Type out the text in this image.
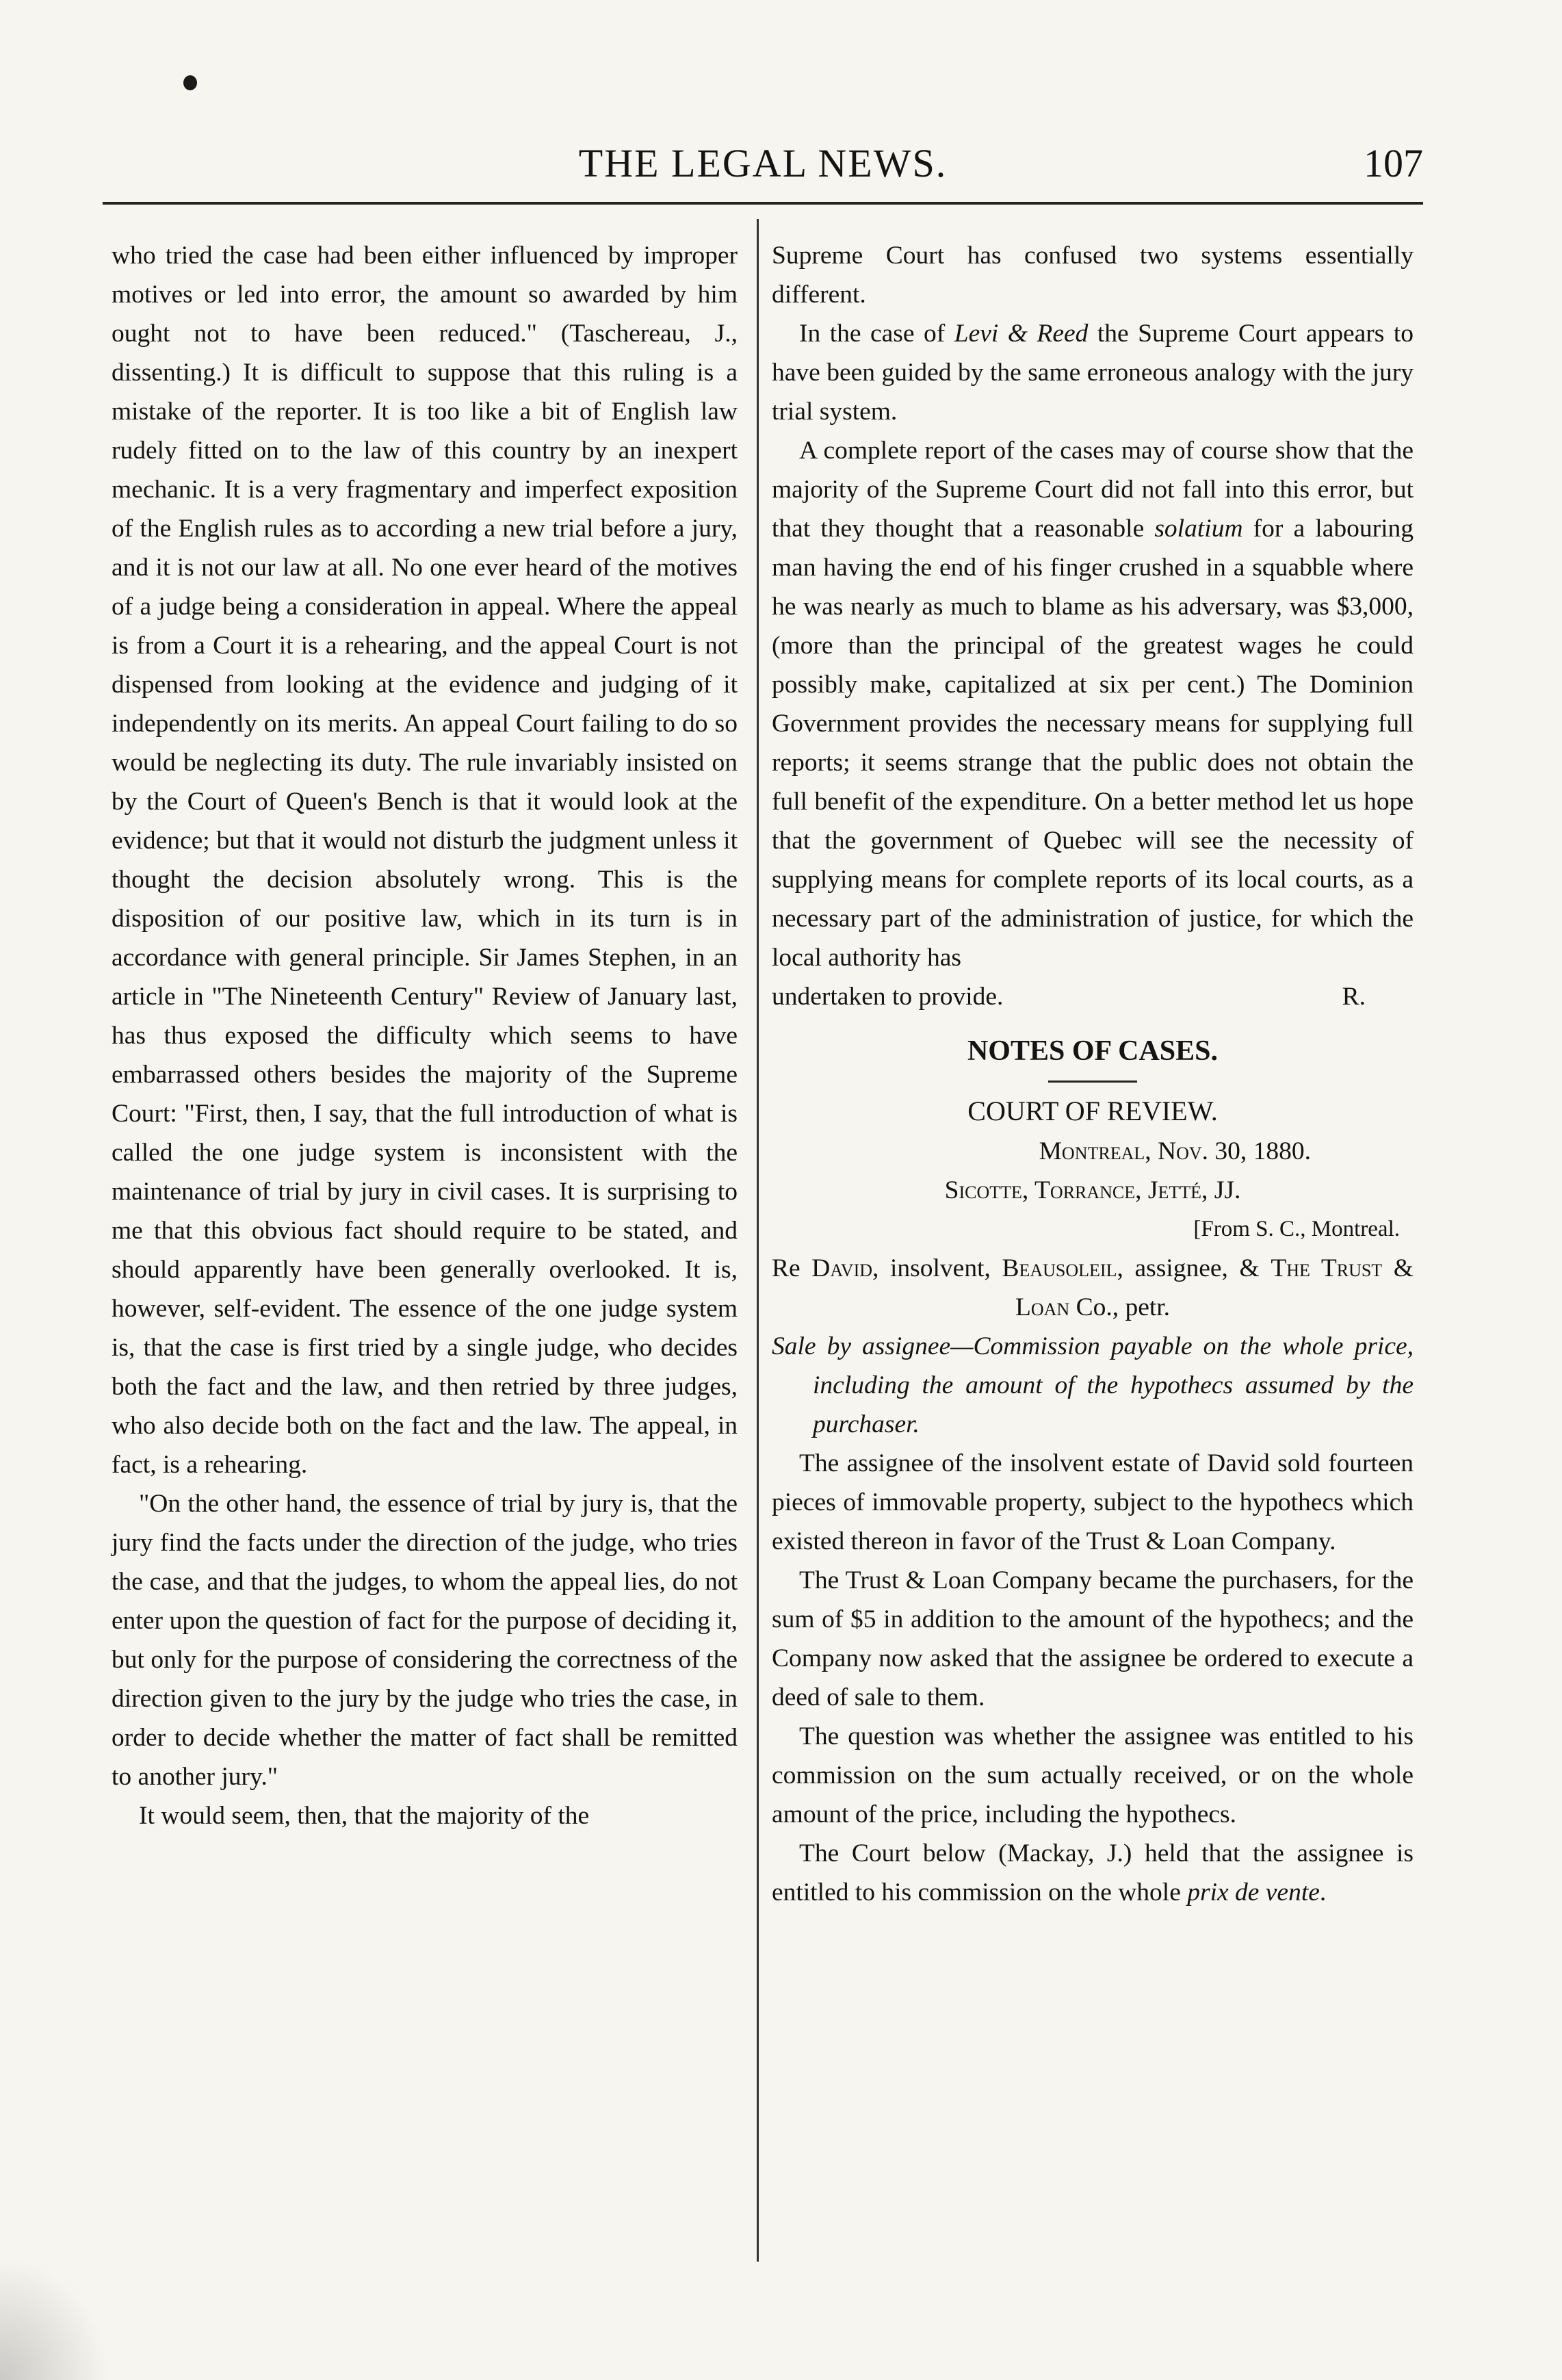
THE LEGAL NEWS.	107

who tried the case had been either influenced by improper motives or led into error, the amount so awarded by him ought not to have been reduced." (Taschereau, J., dissenting.) It is difficult to suppose that this ruling is a mistake of the reporter. It is too like a bit of English law rudely fitted on to the law of this country by an inexpert mechanic. It is a very fragmentary and imperfect exposition of the English rules as to according a new trial before a jury, and it is not our law at all. No one ever heard of the motives of a judge being a consideration in appeal. Where the appeal is from a Court it is a rehearing, and the appeal Court is not dispensed from looking at the evidence and judging of it independently on its merits. An appeal Court failing to do so would be neglecting its duty. The rule invariably insisted on by the Court of Queen's Bench is that it would look at the evidence; but that it would not disturb the judgment unless it thought the decision absolutely wrong. This is the disposition of our positive law, which in its turn is in accordance with general principle. Sir James Stephen, in an article in "The Nineteenth Century" Review of January last, has thus exposed the difficulty which seems to have embarrassed others besides the majority of the Supreme Court: "First, then, I say, that the full introduction of what is called the one judge system is inconsistent with the maintenance of trial by jury in civil cases. It is surprising to me that this obvious fact should require to be stated, and should apparently have been generally overlooked. It is, however, self-evident. The essence of the one judge system is, that the case is first tried by a single judge, who decides both the fact and the law, and then retried by three judges, who also decide both on the fact and the law. The appeal, in fact, is a rehearing.

"On the other hand, the essence of trial by jury is, that the jury find the facts under the direction of the judge, who tries the case, and that the judges, to whom the appeal lies, do not enter upon the question of fact for the purpose of deciding it, but only for the purpose of considering the correctness of the direction given to the jury by the judge who tries the case, in order to decide whether the matter of fact shall be remitted to another jury."

It would seem, then, that the majority of the

Supreme Court has confused two systems essentially different.

In the case of Levi & Reed the Supreme Court appears to have been guided by the same erroneous analogy with the jury trial system.

A complete report of the cases may of course show that the majority of the Supreme Court did not fall into this error, but that they thought that a reasonable solatium for a labouring man having the end of his finger crushed in a squabble where he was nearly as much to blame as his adversary, was $3,000, (more than the principal of the greatest wages he could possibly make, capitalized at six per cent.) The Dominion Government provides the necessary means for supplying full reports; it seems strange that the public does not obtain the full benefit of the expenditure. On a better method let us hope that the government of Quebec will see the necessity of supplying means for complete reports of its local courts, as a necessary part of the administration of justice, for which the local authority has

undertaken to provide.	R.
NOTES OF CASES.
COURT OF REVIEW.
Montreal, Nov. 30, 1880.
Sicotte, Torrance, Jetté, JJ.
[From S. C., Montreal.

Re David, insolvent, Beausoleil, assignee, & The Trust & Loan Co., petr.

Sale by assignee—Commission payable on the whole price, including the amount of the hypothecs assumed by the purchaser.

The assignee of the insolvent estate of David sold fourteen pieces of immovable property, subject to the hypothecs which existed thereon in favor of the Trust & Loan Company.

The Trust & Loan Company became the purchasers, for the sum of $5 in addition to the amount of the hypothecs; and the Company now asked that the assignee be ordered to execute a deed of sale to them.

The question was whether the assignee was entitled to his commission on the sum actually received, or on the whole amount of the price, including the hypothecs.

The Court below (Mackay, J.) held that the assignee is entitled to his commission on the whole prix de vente.
